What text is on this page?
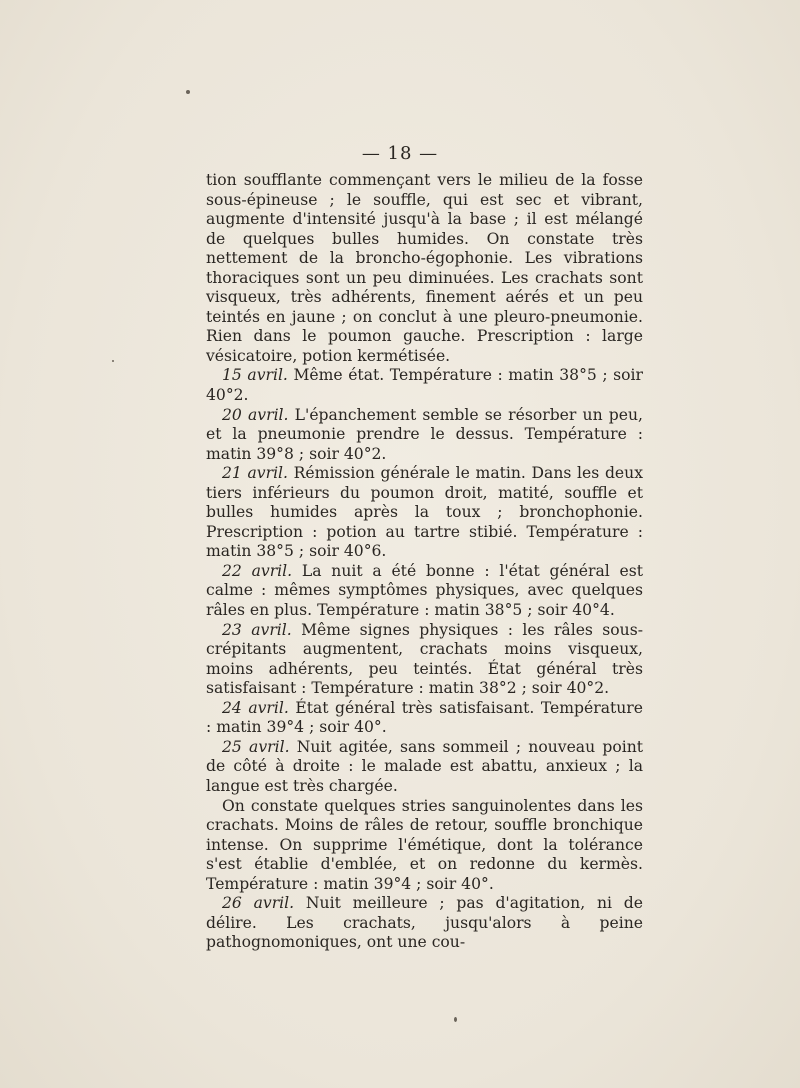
— 18 —

tion soufflante commençant vers le milieu de la fosse sous-épineuse ; le souffle, qui est sec et vibrant, augmente d'intensité jusqu'à la base ; il est mélangé de quelques bulles humides. On constate très nettement de la broncho-égophonie. Les vibrations thoraciques sont un peu diminuées. Les crachats sont visqueux, très adhérents, finement aérés et un peu teintés en jaune ; on conclut à une pleuro-pneumonie. Rien dans le poumon gauche. Prescription : large vésicatoire, potion kermétisée.

15 avril. Même état. Température : matin 38°5 ; soir 40°2.

20 avril. L'épanchement semble se résorber un peu, et la pneumonie prendre le dessus. Température : matin 39°8 ; soir 40°2.

21 avril. Rémission générale le matin. Dans les deux tiers inférieurs du poumon droit, matité, souffle et bulles humides après la toux ; bronchophonie. Prescription : potion au tartre stibié. Température : matin 38°5 ; soir 40°6.

22 avril. La nuit a été bonne : l'état général est calme : mêmes symptômes physiques, avec quelques râles en plus. Température : matin 38°5 ; soir 40°4.

23 avril. Même signes physiques : les râles sous-crépitants augmentent, crachats moins visqueux, moins adhérents, peu teintés. État général très satisfaisant : Température : matin 38°2 ; soir 40°2.

24 avril. État général très satisfaisant. Température : matin 39°4 ; soir 40°.

25 avril. Nuit agitée, sans sommeil ; nouveau point de côté à droite : le malade est abattu, anxieux ; la langue est très chargée.

On constate quelques stries sanguinolentes dans les crachats. Moins de râles de retour, souffle bronchique intense. On supprime l'émétique, dont la tolérance s'est établie d'emblée, et on redonne du kermès. Température : matin 39°4 ; soir 40°.

26 avril. Nuit meilleure ; pas d'agitation, ni de délire. Les crachats, jusqu'alors à peine pathognomoniques, ont une cou-
